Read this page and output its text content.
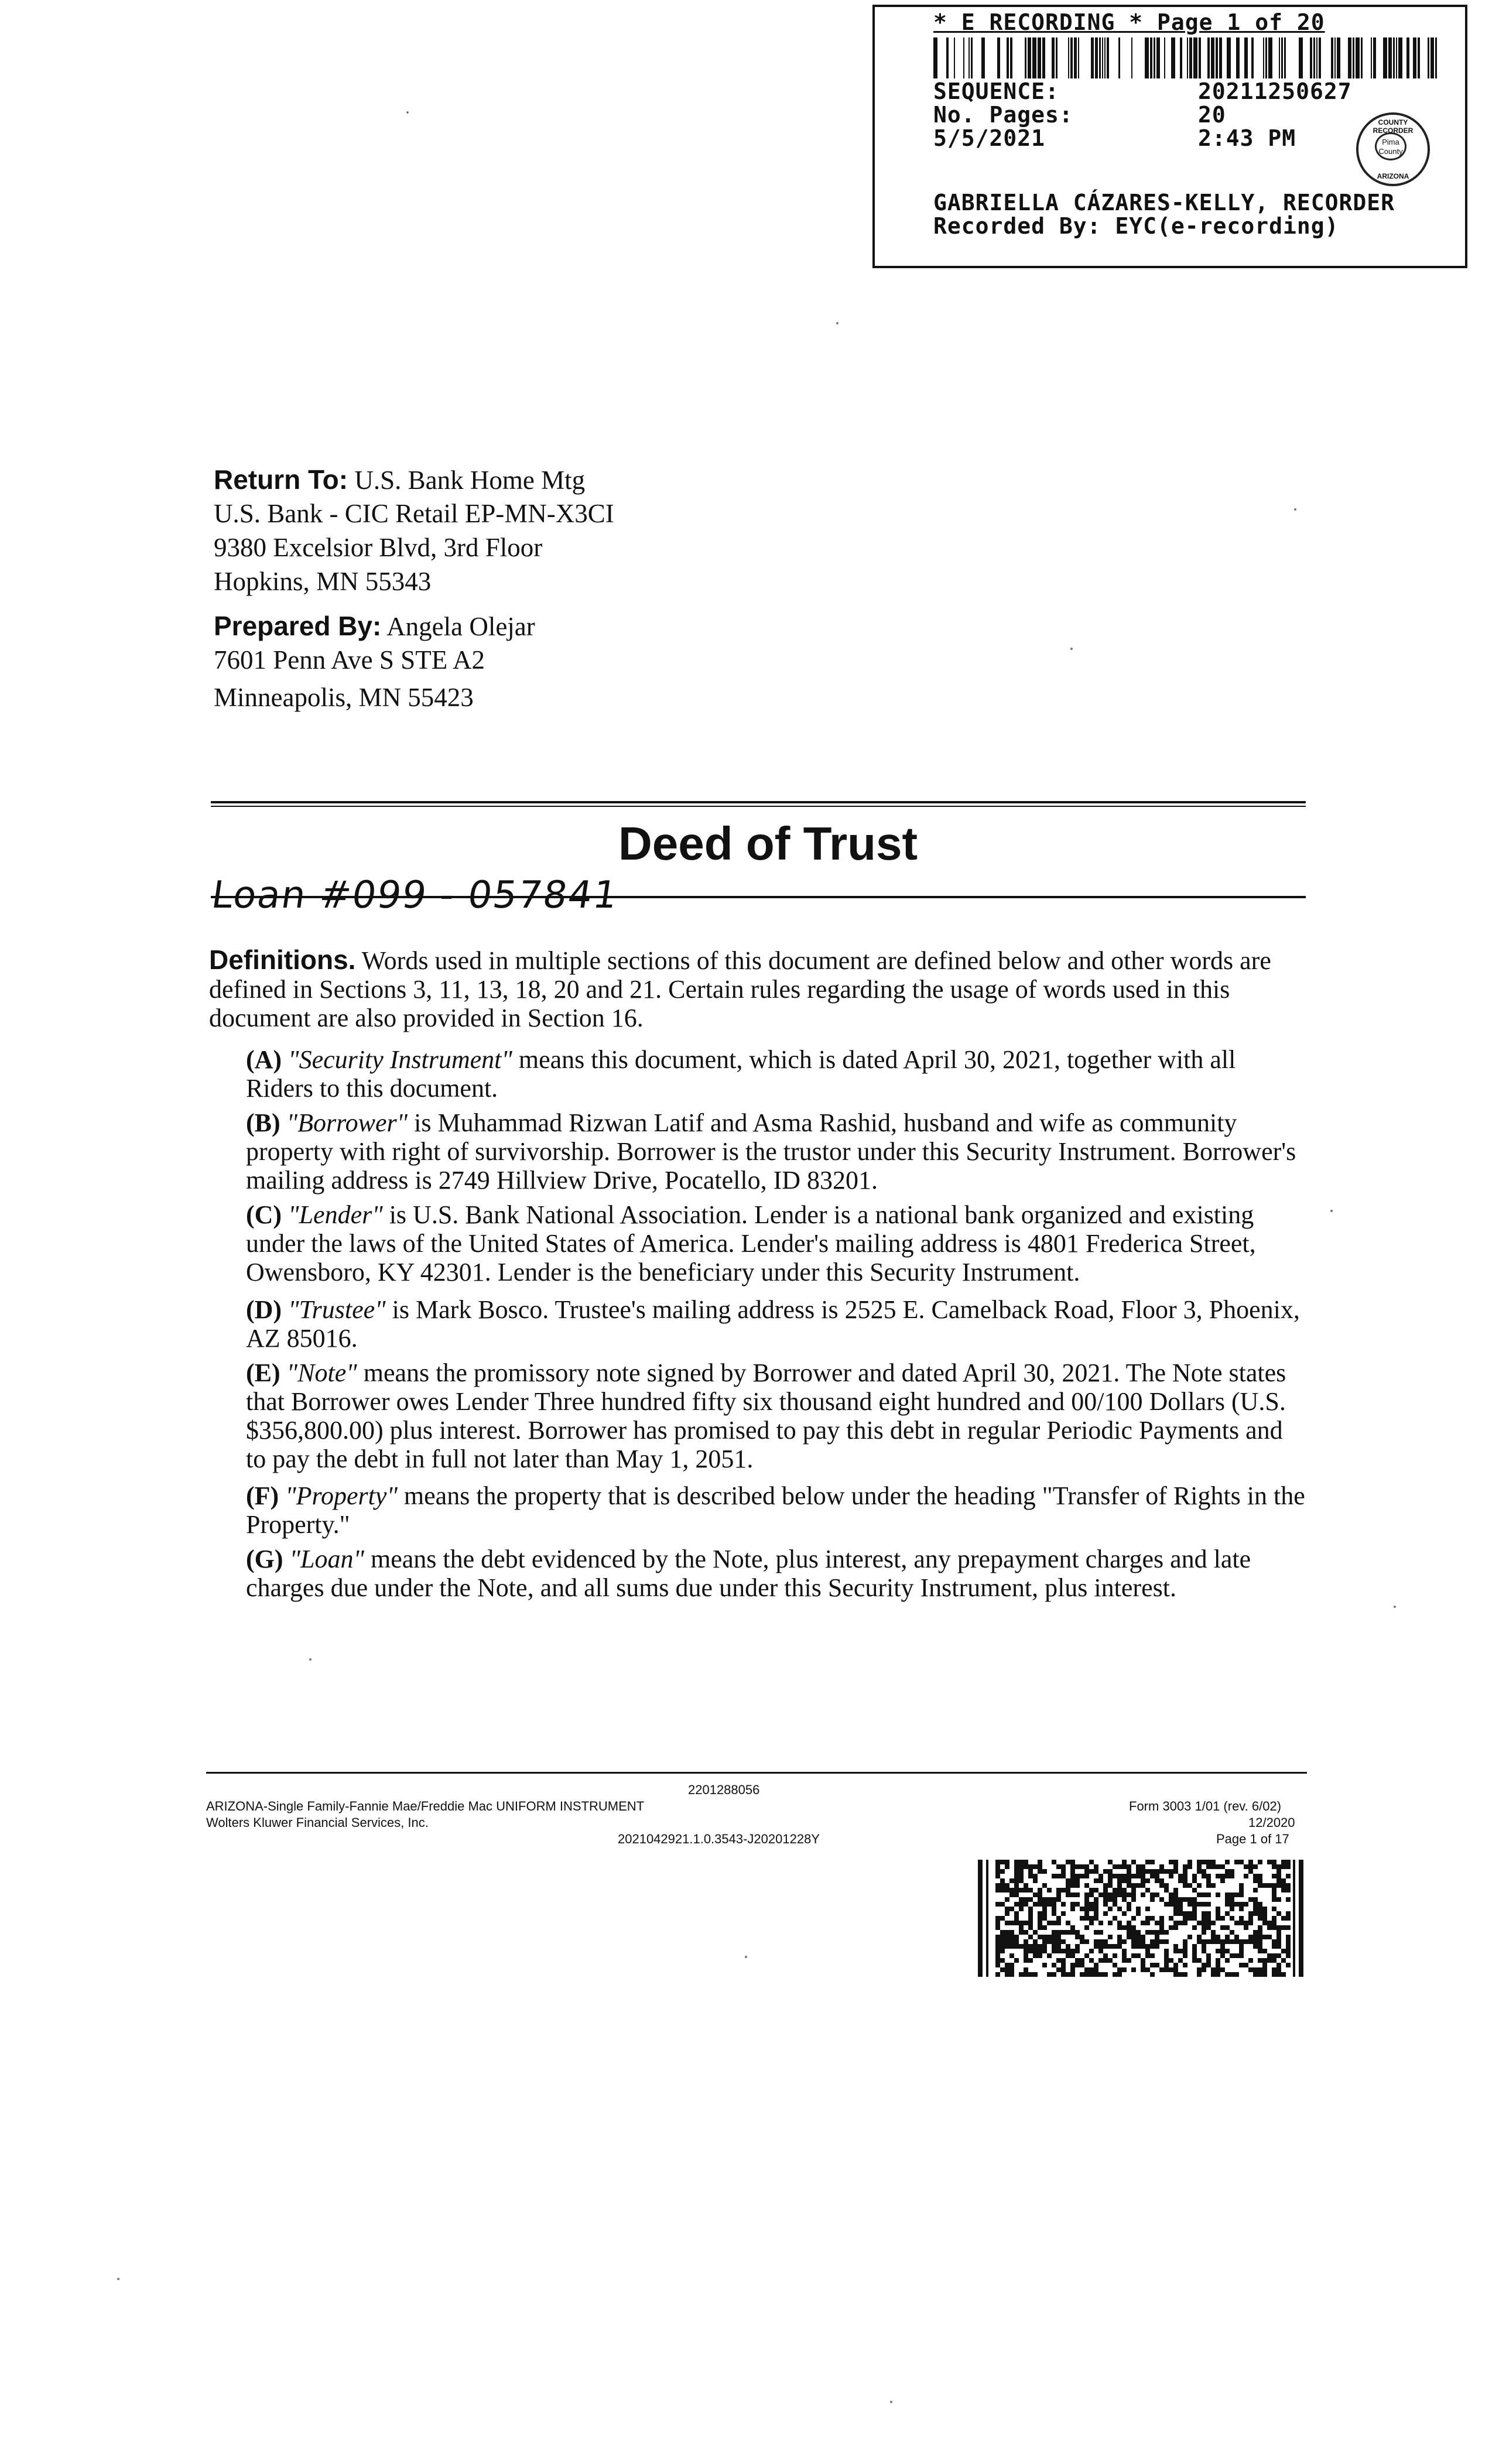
* E RECORDING * Page 1 of 20
SEQUENCE:	20211250627
No. Pages:	20
5/5/2021	2:43 PM
COUNTY RECORDER
Pima County
ARIZONA
GABRIELLA CÁZARES-KELLY, RECORDER
Recorded By: EYC(e-recording)
Return To: U.S. Bank Home Mtg
U.S. Bank - CIC Retail EP-MN-X3CI
9380 Excelsior Blvd, 3rd Floor
Hopkins, MN 55343
Prepared By: Angela Olejar
7601 Penn Ave S STE A2
Minneapolis, MN 55423
Deed of Trust
Loan #099 - 057841
Definitions. Words used in multiple sections of this document are defined below and other words are defined in Sections 3, 11, 13, 18, 20 and 21. Certain rules regarding the usage of words used in this document are also provided in Section 16.
(A) "Security Instrument" means this document, which is dated April 30, 2021, together with all Riders to this document.
(B) "Borrower" is Muhammad Rizwan Latif and Asma Rashid, husband and wife as community property with right of survivorship. Borrower is the trustor under this Security Instrument. Borrower's mailing address is 2749 Hillview Drive, Pocatello, ID 83201.
(C) "Lender" is U.S. Bank National Association. Lender is a national bank organized and existing under the laws of the United States of America. Lender's mailing address is 4801 Frederica Street, Owensboro, KY 42301. Lender is the beneficiary under this Security Instrument.
(D) "Trustee" is Mark Bosco. Trustee's mailing address is 2525 E. Camelback Road, Floor 3, Phoenix, AZ 85016.
(E) "Note" means the promissory note signed by Borrower and dated April 30, 2021. The Note states that Borrower owes Lender Three hundred fifty six thousand eight hundred and 00/100 Dollars (U.S. $356,800.00) plus interest. Borrower has promised to pay this debt in regular Periodic Payments and to pay the debt in full not later than May 1, 2051.
(F) "Property" means the property that is described below under the heading "Transfer of Rights in the Property."
(G) "Loan" means the debt evidenced by the Note, plus interest, any prepayment charges and late charges due under the Note, and all sums due under this Security Instrument, plus interest.
2201288056
ARIZONA-Single Family-Fannie Mae/Freddie Mac UNIFORM INSTRUMENT
Wolters Kluwer Financial Services, Inc.
2021042921.1.0.3543-J20201228Y
Form 3003 1/01 (rev. 6/02)
12/2020
Page 1 of 17
